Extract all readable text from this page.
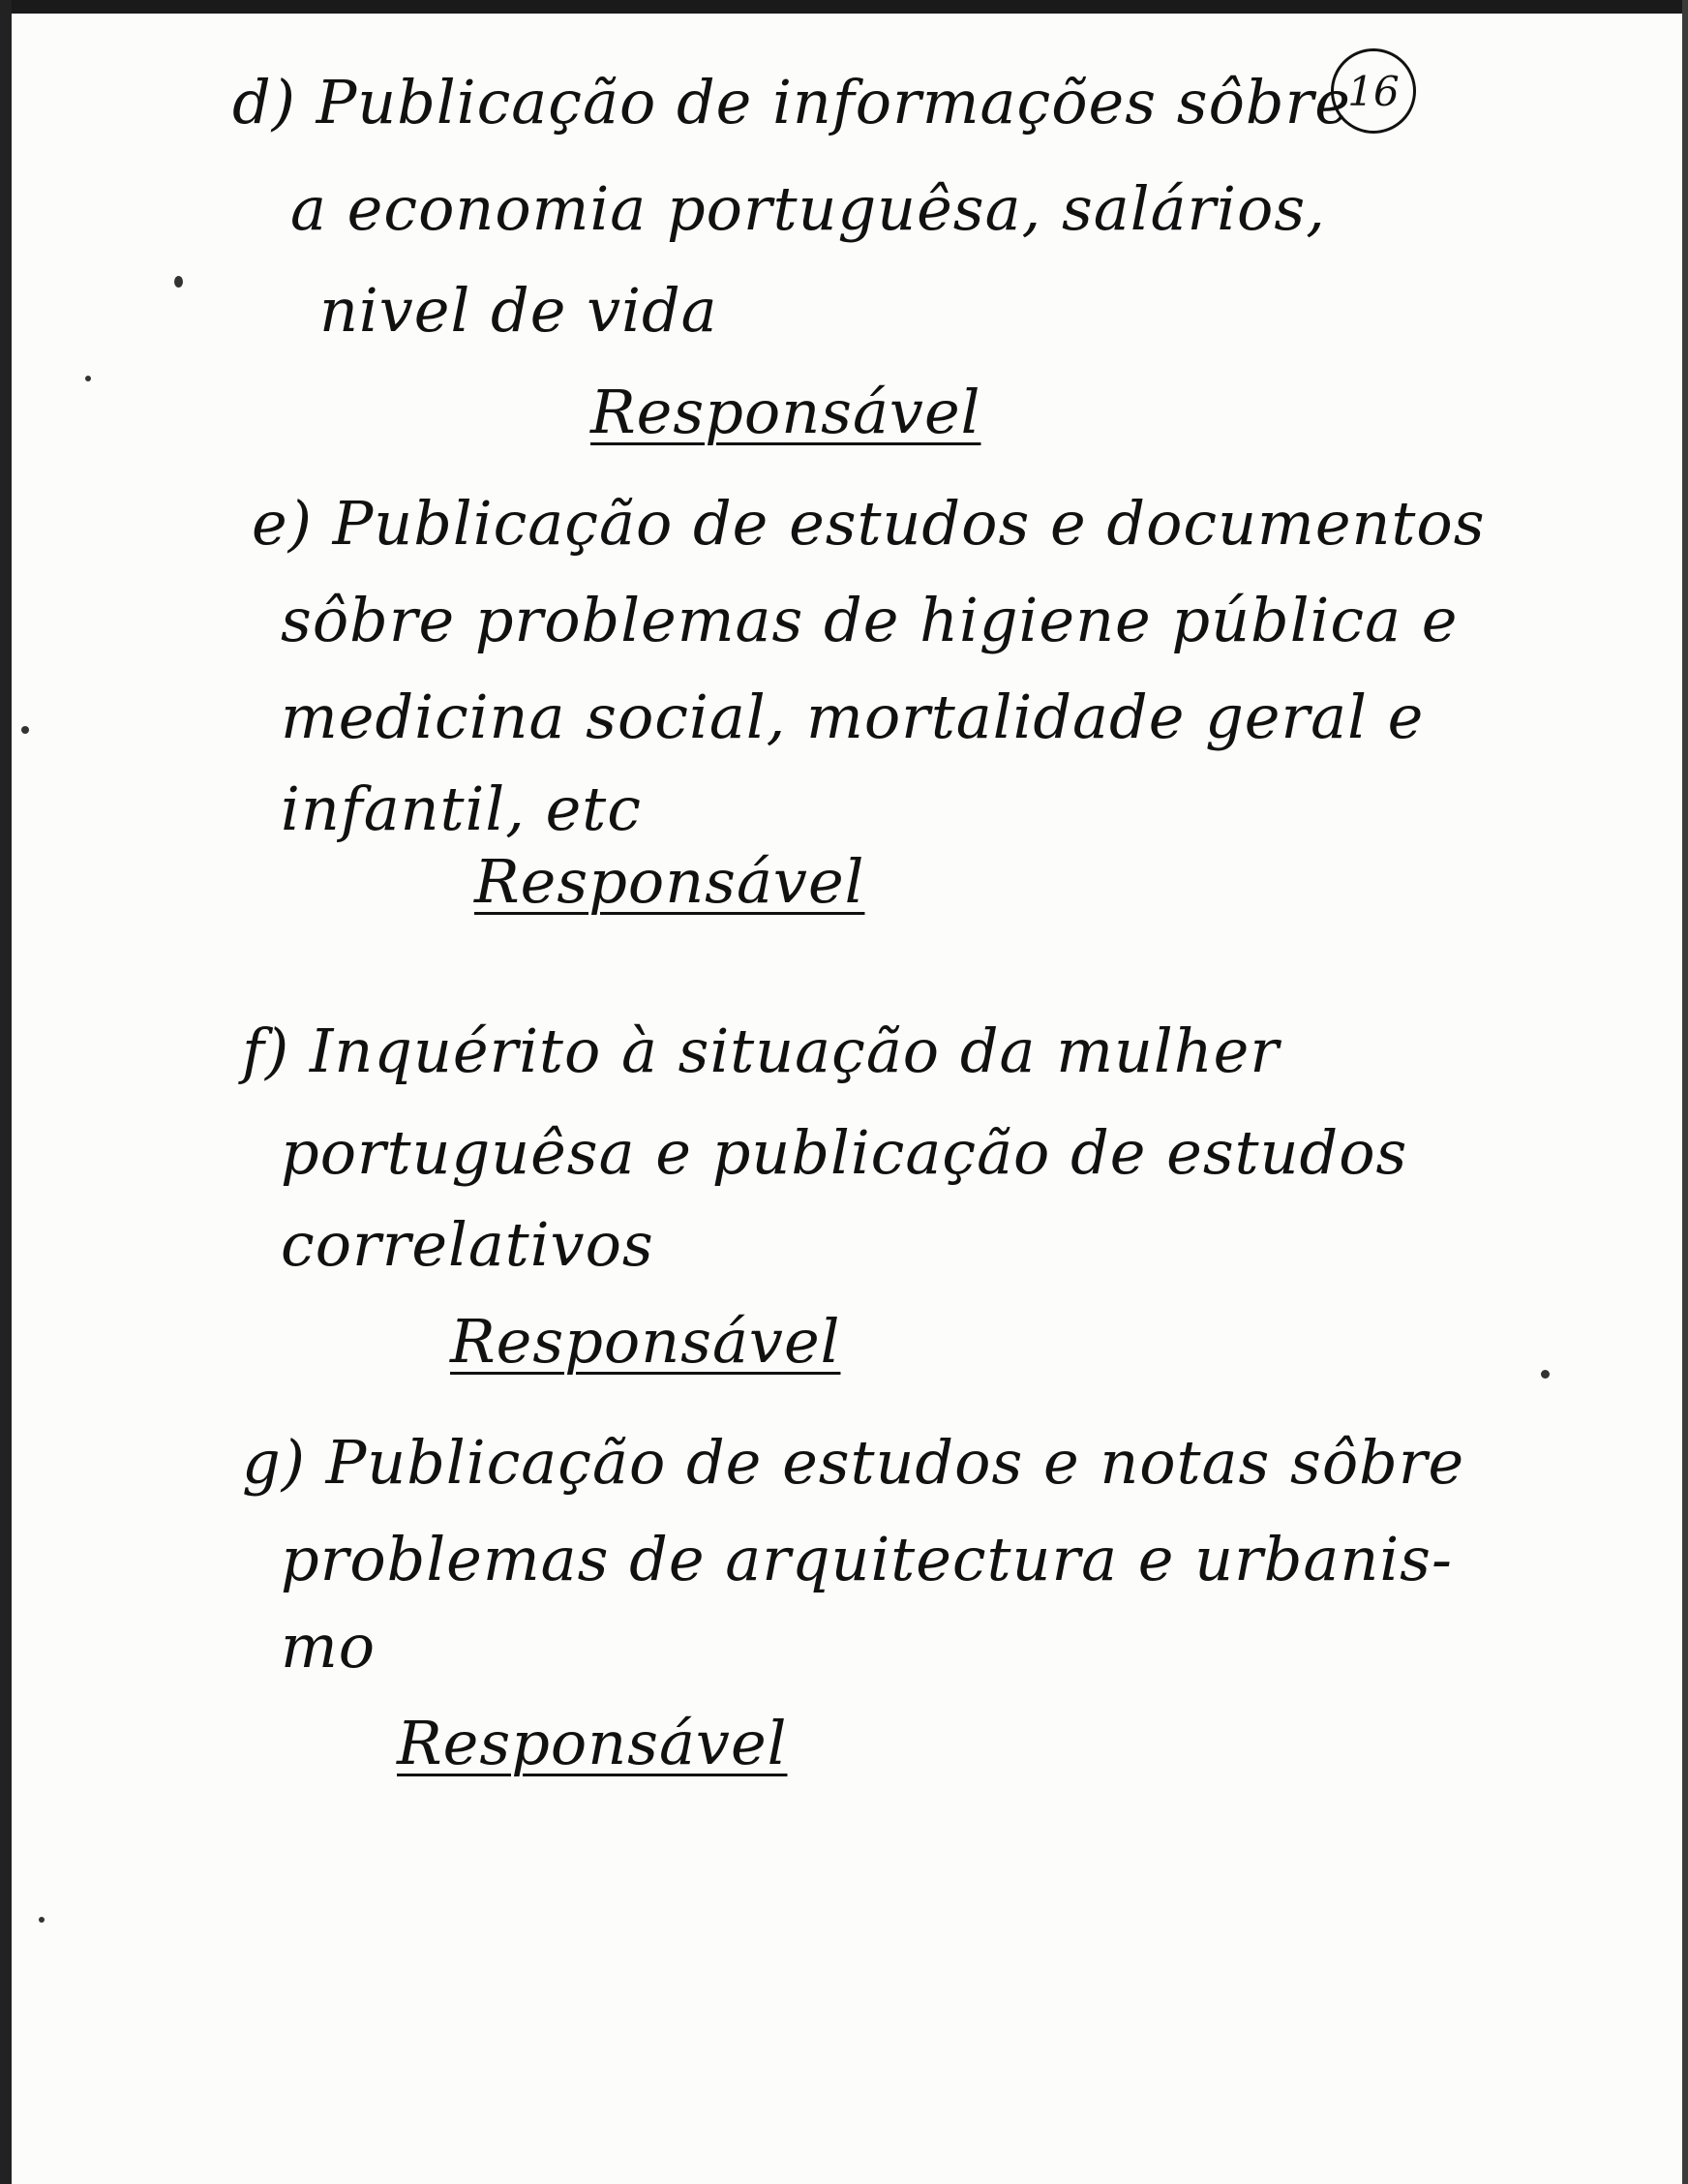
16
d) Publicação de informações sôbre
a economia portuguêsa, salários,
nivel de vida
Responsável
e) Publicação de estudos e documentos
sôbre problemas de higiene pública e
medicina social, mortalidade geral e
infantil, etc
Responsável
f) Inquérito à situação da mulher
portuguêsa e publicação de estudos
correlativos
Responsável
g) Publicação de estudos e notas sôbre
problemas de arquitectura e urbanis-
mo
Responsável
